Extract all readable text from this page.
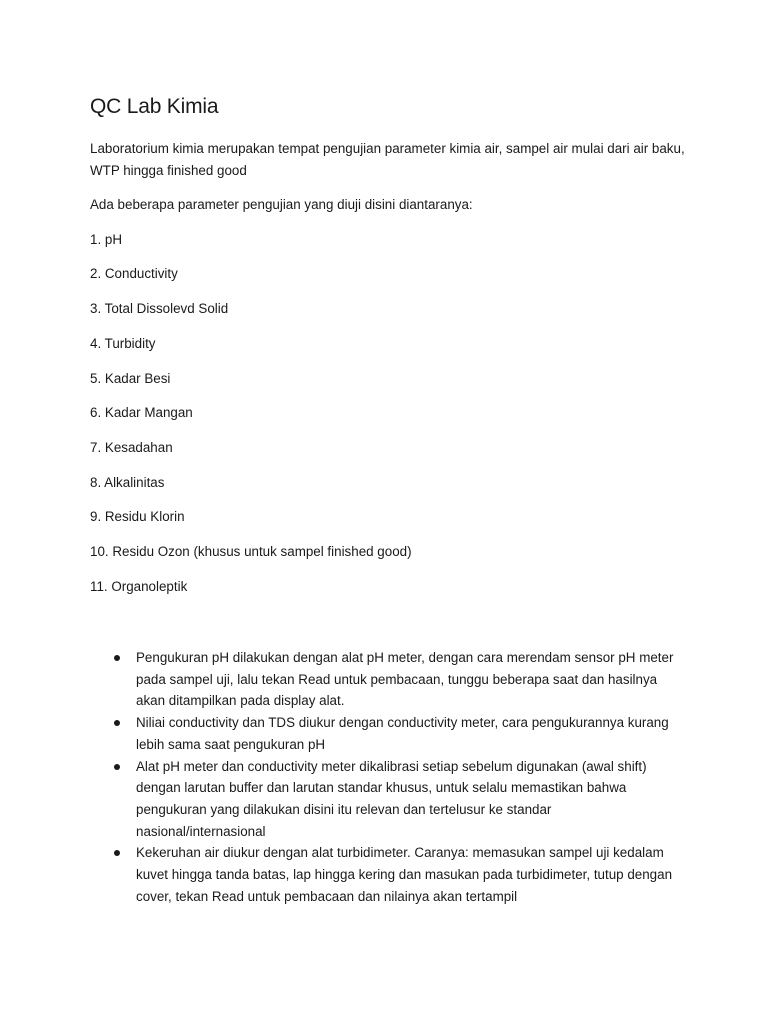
QC Lab Kimia

Laboratorium kimia merupakan tempat pengujian parameter kimia air, sampel air mulai dari air baku, WTP hingga finished good

Ada beberapa parameter pengujian yang diuji disini diantaranya:

1. pH
2. Conductivity
3. Total Dissolevd Solid
4. Turbidity
5. Kadar Besi
6. Kadar Mangan
7. Kesadahan
8. Alkalinitas
9. Residu Klorin
10. Residu Ozon (khusus untuk sampel finished good)
11. Organoleptik
Pengukuran pH dilakukan dengan alat pH meter, dengan cara merendam sensor pH meter pada sampel uji, lalu tekan Read untuk pembacaan, tunggu beberapa saat dan hasilnya akan ditampilkan pada display alat.
Niliai conductivity dan TDS diukur dengan conductivity meter, cara pengukurannya kurang lebih sama saat pengukuran pH
Alat pH meter dan conductivity meter dikalibrasi setiap sebelum digunakan (awal shift) dengan larutan buffer dan larutan standar khusus, untuk selalu memastikan bahwa pengukuran yang dilakukan disini itu relevan dan tertelusur ke standar nasional/internasional
Kekeruhan air diukur dengan alat turbidimeter. Caranya: memasukan sampel uji kedalam kuvet hingga tanda batas, lap hingga kering dan masukan pada turbidimeter, tutup dengan cover, tekan Read untuk pembacaan dan nilainya akan tertampil
